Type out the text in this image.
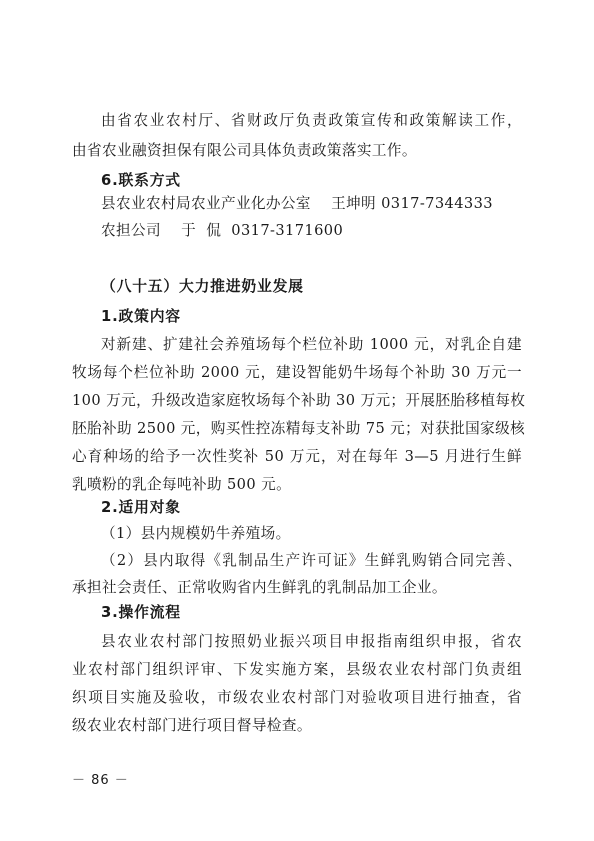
由省农业农村厅、省财政厅负责政策宣传和政策解读工作，
由省农业融资担保有限公司具体负责政策落实工作。
6.联系方式
县农业农村局农业产业化办公室    王坤明 0317-7344333
农担公司    于  侃  0317-3171600
（八十五）大力推进奶业发展
1.政策内容
对新建、扩建社会养殖场每个栏位补助 1000 元，对乳企自建
牧场每个栏位补助 2000 元，建设智能奶牛场每个补助 30 万元一
100 万元，升级改造家庭牧场每个补助 30 万元；开展胚胎移植每枚
胚胎补助 2500 元，购买性控冻精每支补助 75 元；对获批国家级核
心育种场的给予一次性奖补 50 万元，对在每年 3—5 月进行生鲜
乳喷粉的乳企每吨补助 500 元。
2.适用对象
（1）县内规模奶牛养殖场。
（2）县内取得《乳制品生产许可证》生鲜乳购销合同完善、
承担社会责任、正常收购省内生鲜乳的乳制品加工企业。
3.操作流程
县农业农村部门按照奶业振兴项目申报指南组织申报，省农
业农村部门组织评审、下发实施方案，县级农业农村部门负责组
织项目实施及验收，市级农业农村部门对验收项目进行抽查，省
级农业农村部门进行项目督导检查。
－ 86 －
